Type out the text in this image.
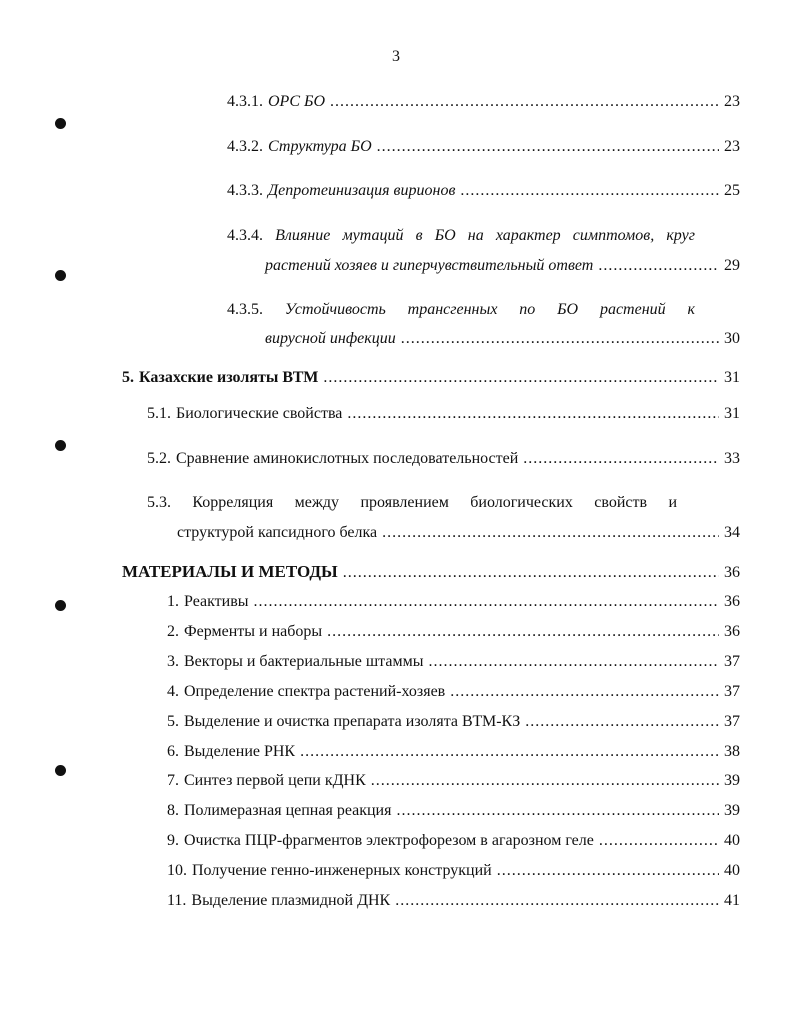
3
4.3.1. ОРС БО .....	23
4.3.2. Структура БО .....	23
4.3.3. Депротеинизация вирионов .....	25
4.3.4. Влияние мутаций в БО на характер симптомов, круг
растений хозяев и гиперчувствительный ответ .....	29
4.3.5. Устойчивость трансгенных по БО растений к
вирусной инфекции .....	30
5. Казахские изоляты ВТМ .....	31
5.1. Биологические свойства .....	31
5.2. Сравнение аминокислотных последовательностей .....	33
5.3. Корреляция между проявлением биологических свойств и
структурой капсидного белка .....	34
МАТЕРИАЛЫ И МЕТОДЫ .....	36
1. Реактивы .....	36
2. Ферменты и наборы .....	36
3. Векторы и бактериальные штаммы .....	37
4. Определение спектра растений-хозяев .....	37
5. Выделение и очистка препарата изолята ВТМ-КЗ .....	37
6. Выделение РНК .....	38
7. Синтез первой цепи кДНК .....	39
8. Полимеразная цепная реакция .....	39
9. Очистка ПЦР-фрагментов электрофорезом в агарозном геле .....	40
10. Получение генно-инженерных конструкций .....	40
11. Выделение плазмидной ДНК .....	41
